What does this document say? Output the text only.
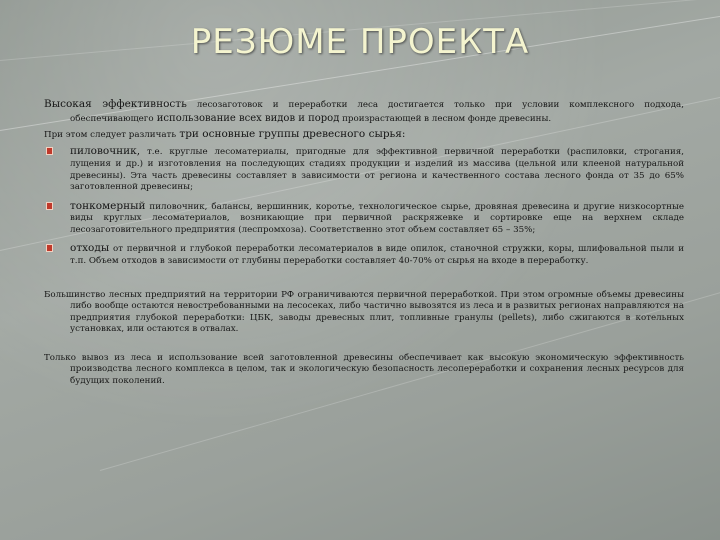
РЕЗЮМЕ ПРОЕКТА

Высокая эффективность лесозаготовок и переработки леса достигается только при условии комплексного подхода, обеспечивающего использование всех видов и пород произрастающей в лесном фонде древесины.

При этом следует различать три основные группы древесного сырья:

пиловочник, т.е. круглые лесоматериалы, пригодные для эффективной первичной переработки (распиловки, строгания, лущения и др.) и изготовления на последующих стадиях продукции и изделий из массива (цельной или клееной натуральной древесины). Эта часть древесины составляет в зависимости от региона и качественного состава лесного фонда от 35 до 65% заготовленной древесины;
тонкомерный пиловочник, балансы, вершинник, коротье, технологическое сырье, дровяная древесина и другие низкосортные виды круглых лесоматериалов, возникающие при первичной раскряжевке и сортировке еще на верхнем складе лесозаготовительного предприятия (леспромхоза). Соответственно этот объем составляет 65 – 35%;
отходы от первичной и глубокой переработки лесоматериалов в виде опилок, станочной стружки, коры, шлифовальной пыли и т.п. Объем отходов в зависимости от глубины переработки составляет 40-70% от сырья на входе в переработку.

Большинство лесных предприятий на территории РФ ограничиваются первичной переработкой. При этом огромные объемы древесины либо вообще остаются невостребованными на лесосеках, либо частично вывозятся из леса и в развитых регионах направляются на предприятия глубокой переработки: ЦБК, заводы древесных плит, топливные гранулы (pellets), либо сжигаются в котельных установках, или остаются в отвалах.

Только вывоз из леса и использование всей заготовленной древесины обеспечивает как высокую экономическую эффективность производства лесного комплекса в целом, так и экологическую безопасность лесопереработки и сохранения лесных ресурсов для будущих поколений.
